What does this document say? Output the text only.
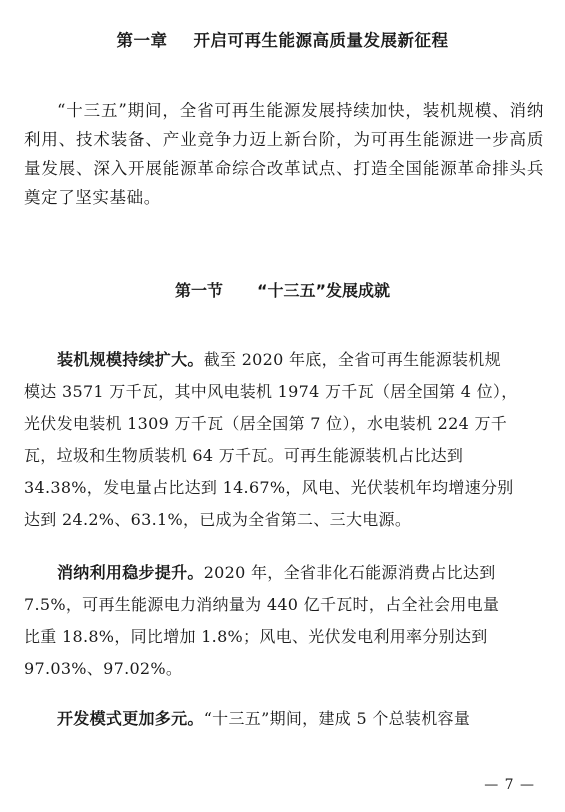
第一章 开启可再生能源高质量发展新征程

“十三五”期间，全省可再生能源发展持续加快，装机规模、消纳利用、技术装备、产业竞争力迈上新台阶，为可再生能源进一步高质量发展、深入开展能源革命综合改革试点、打造全国能源革命排头兵奠定了坚实基础。

第一节 “十三五”发展成就
装机规模持续扩大。截至 2020 年底，全省可再生能源装机规
模达 3571 万千瓦，其中风电装机 1974 万千瓦（居全国第 4 位），
光伏发电装机 1309 万千瓦（居全国第 7 位），水电装机 224 万千
瓦，垃圾和生物质装机 64 万千瓦。可再生能源装机占比达到
34.38%，发电量占比达到 14.67%，风电、光伏装机年均增速分别
达到 24.2%、63.1%，已成为全省第二、三大电源。
消纳利用稳步提升。2020 年，全省非化石能源消费占比达到
7.5%，可再生能源电力消纳量为 440 亿千瓦时，占全社会用电量
比重 18.8%，同比增加 1.8%；风电、光伏发电利用率分别达到
97.03%、97.02%。
开发模式更加多元。“十三五”期间，建成 5 个总装机容量
— 7 —
